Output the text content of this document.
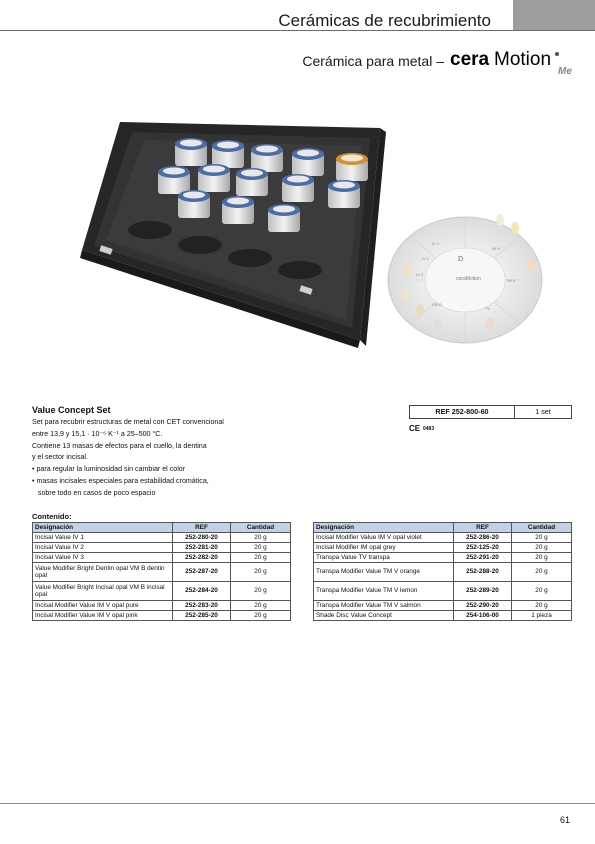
Cerámicas de recubrimiento
Cerámica para metal – cera Motion
Me
ceraMotion
D
IV 1
IV 2
IV 3
VM B
TV
TM V
IM V
Value Concept Set
Set para recubrir estructuras de metal con CET convencional
entre 13,9 y 15,1 · 10⁻⁶ K⁻¹ a 25–500 °C.
Contiene 13 masas de efectos para el cuello, la dentina
y el sector incisal.
• para regular la luminosidad sin cambiar el color
• masas incisales especiales para estabilidad cromática,
sobre todo en casos de poco espacio
REF 252-800-60	1 set
CE 0483
Contenido:
Designación	REF	Cantidad
Incisal Value IV 1	252-280-20	20 g
Incisal Value IV 2	252-281-20	20 g
Incisal Value IV 3	252-282-20	20 g
Value Modifier Bright Dentin opal VM B dentin opal	252-287-20	20 g
Value Modifier Bright Incisal opal VM B incisal opal	252-284-20	20 g
Incisal Modifier Value IM V opal pure	252-283-20	20 g
Incisal Modifier Value IM V opal pink	252-285-20	20 g
Designación	REF	Cantidad
Incisal Modifier Value IM V opal violet	252-286-20	20 g
Incisal Modifier IM opal grey	252-125-20	20 g
Transpa Value TV transpa	252-291-20	20 g
Transpa Modifier Value TM V orange	252-288-20	20 g
Transpa Modifier Value TM V lemon	252-289-20	20 g
Transpa Modifier Value TM V salmon	252-290-20	20 g
Shade Disc Value Concept	254-106-00	1 pieza
61
